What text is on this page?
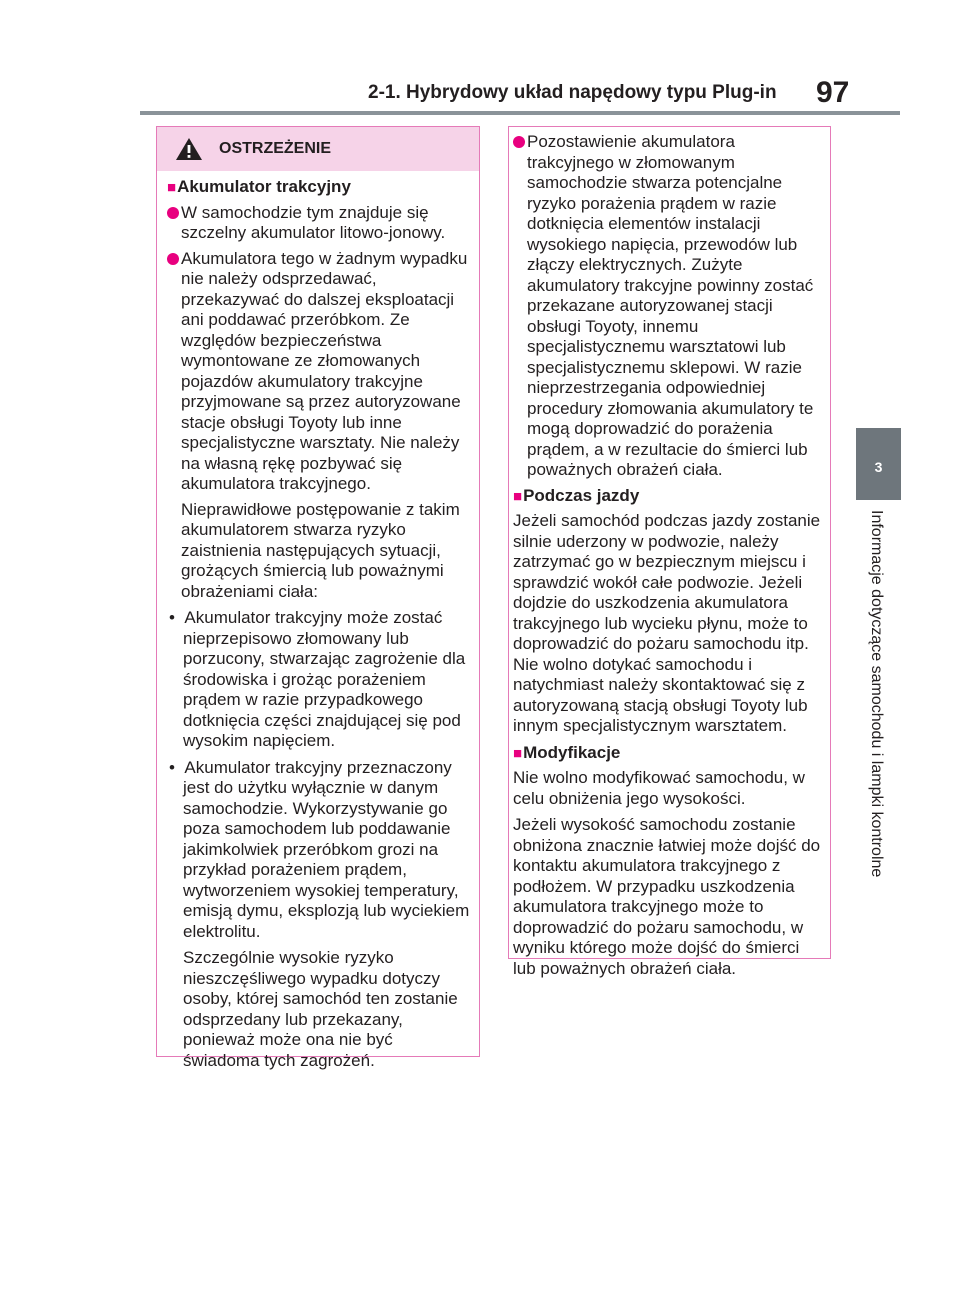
2-1. Hybrydowy układ napędowy typu Plug-in 97
3
Informacje dotyczące samochodu i lampki kontrolne
OSTRZEŻENIE

■Akumulator trakcyjny

W samochodzie tym znajduje się szczelny akumulator litowo-jonowy.

Akumulatora tego w żadnym wypadku nie należy odsprzedawać, przekazywać do dalszej eksploatacji ani poddawać przeróbkom. Ze względów bezpieczeństwa wymontowane ze złomowanych pojazdów akumulatory trakcyjne przyjmowane są przez autoryzowane stacje obsługi Toyoty lub inne specjalistyczne warsztaty. Nie należy na własną rękę pozbywać się akumulatora trakcyjnego.

Nieprawidłowe postępowanie z takim akumulatorem stwarza ryzyko zaistnienia następujących sytuacji, grożących śmiercią lub poważnymi obrażeniami ciała:

•  Akumulator trakcyjny może zostać nieprzepisowo złomowany lub porzucony, stwarzając zagrożenie dla środowiska i grożąc porażeniem prądem w razie przypadkowego dotknięcia części znajdującej się pod wysokim napięciem.

•  Akumulator trakcyjny przeznaczony jest do użytku wyłącznie w danym samochodzie. Wykorzystywanie go poza samochodem lub poddawanie jakimkolwiek przeróbkom grozi na przykład porażeniem prądem, wytworzeniem wysokiej temperatury, emisją dymu, eksplozją lub wyciekiem elektrolitu.

Szczególnie wysokie ryzyko nieszczęśliwego wypadku dotyczy osoby, której samochód ten zostanie odsprzedany lub przekazany, ponieważ może ona nie być świadoma tych zagrożeń.

Pozostawienie akumulatora trakcyjnego w złomowanym samochodzie stwarza potencjalne ryzyko porażenia prądem w razie dotknięcia elementów instalacji wysokiego napięcia, przewodów lub złączy elektrycznych. Zużyte akumulatory trakcyjne powinny zostać przekazane autoryzowanej stacji obsługi Toyoty, innemu specjalistycznemu warsztatowi lub specjalistycznemu sklepowi. W razie nieprzestrzegania odpowiedniej procedury złomowania akumulatory te mogą doprowadzić do porażenia prądem, a w rezultacie do śmierci lub poważnych obrażeń ciała.

■Podczas jazdy

Jeżeli samochód podczas jazdy zostanie silnie uderzony w podwozie, należy zatrzymać go w bezpiecznym miejscu i sprawdzić wokół całe podwozie. Jeżeli dojdzie do uszkodzenia akumulatora trakcyjnego lub wycieku płynu, może to doprowadzić do pożaru samochodu itp. Nie wolno dotykać samochodu i natychmiast należy skontaktować się z autoryzowaną stacją obsługi Toyoty lub innym specjalistycznym warsztatem.

■Modyfikacje

Nie wolno modyfikować samochodu, w celu obniżenia jego wysokości.

Jeżeli wysokość samochodu zostanie obniżona znacznie łatwiej może dojść do kontaktu akumulatora trakcyjnego z podłożem. W przypadku uszkodzenia akumulatora trakcyjnego może to doprowadzić do pożaru samochodu, w wyniku którego może dojść do śmierci lub poważnych obrażeń ciała.
